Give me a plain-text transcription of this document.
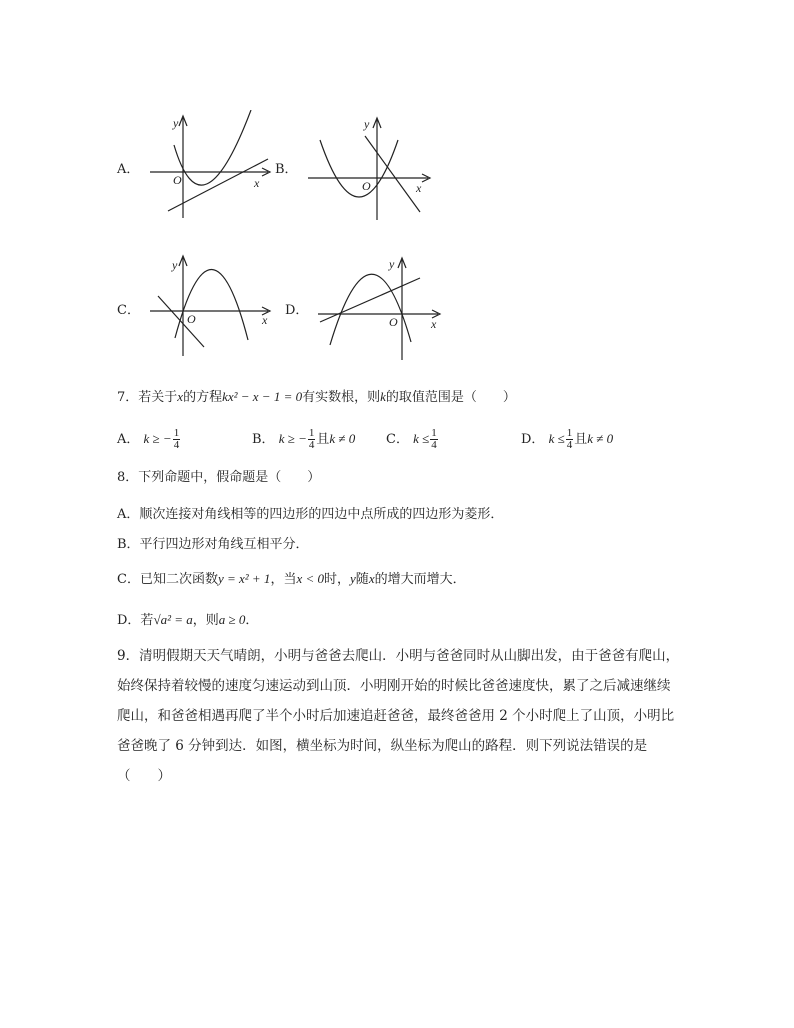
A．	B．
C．	D．
y
O	x
y
O	x
y
O	x
y
O	x
7．若关于x的方程kx² − x − 1 = 0有实数根，则k的取值范围是（　　）
A． k ≥ − $\frac{1}{4}$	B． k ≥ − $\frac{1}{4}$ 且k ≠ 0 C． $k \le \frac{1}{4}$	D． $k \le \frac{1}{4}$ 且k ≠ 0
8．下列命题中，假命题是（　　）
A．顺次连接对角线相等的四边形的四边中点所成的四边形为菱形．
B．平行四边形对角线互相平分．
C．已知二次函数y = x² + 1，当x < 0时，y随x的增大而增大．
D．若√a² = a，则a ≥ 0．
9．清明假期天天气晴朗，小明与爸爸去爬山．小明与爸爸同时从山脚出发，由于爸爸有爬山，
始终保持着较慢的速度匀速运动到山顶．小明刚开始的时候比爸爸速度快，累了之后减速继续
爬山，和爸爸相遇再爬了半个小时后加速追赶爸爸，最终爸爸用 2 个小时爬上了山顶，小明比
爸爸晚了 6 分钟到达．如图，横坐标为时间，纵坐标为爬山的路程．则下列说法错误的是
（　　）
